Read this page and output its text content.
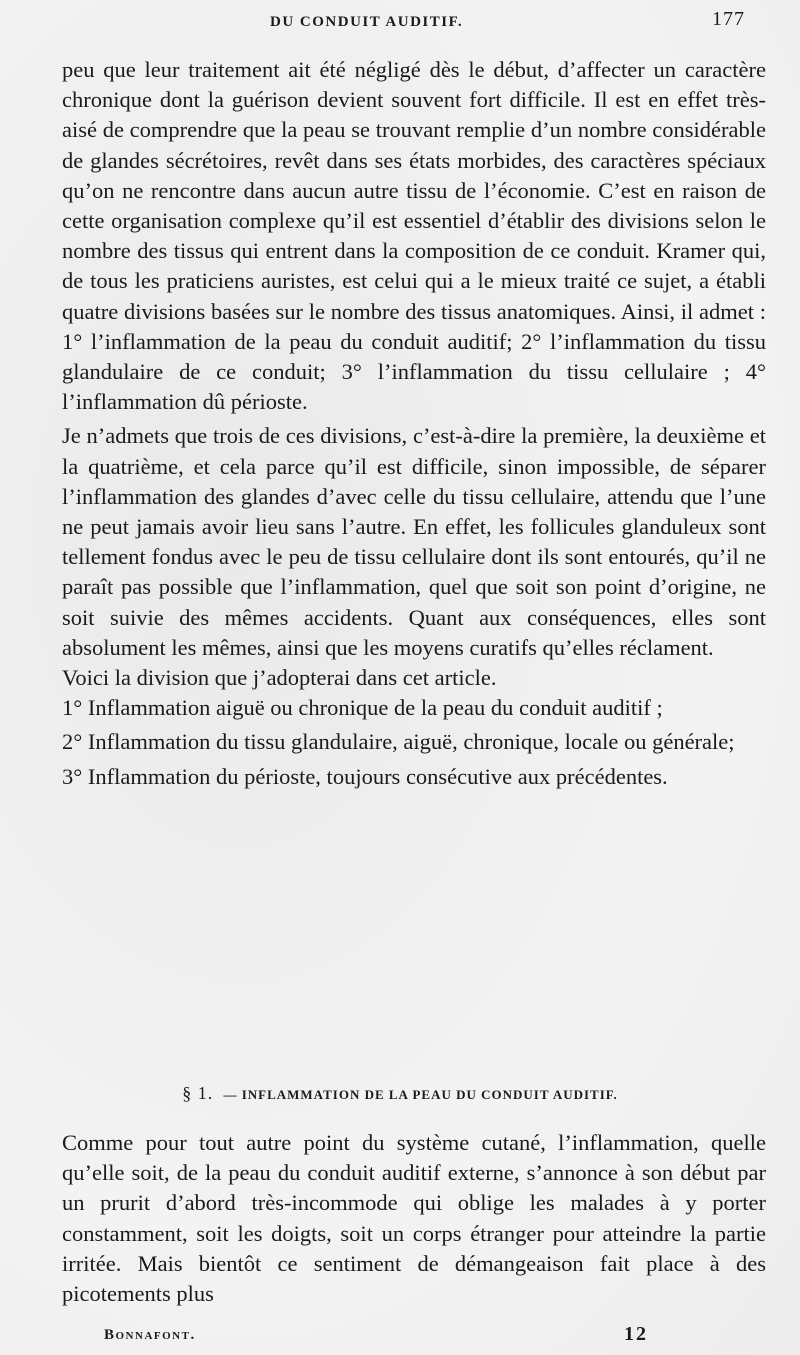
DU CONDUIT AUDITIF.	177

peu que leur traitement ait été négligé dès le début, d’affecter un caractère chronique dont la guérison devient souvent fort difficile. Il est en effet très-aisé de comprendre que la peau se trouvant remplie d’un nombre considérable de glandes sécrétoires, revêt dans ses états morbides, des caractères spéciaux qu’on ne rencontre dans aucun autre tissu de l’économie. C’est en raison de cette organisation complexe qu’il est essentiel d’établir des divisions selon le nombre des tissus qui entrent dans la composition de ce conduit. Kramer qui, de tous les praticiens auristes, est celui qui a le mieux traité ce sujet, a établi quatre divisions basées sur le nombre des tissus anatomiques. Ainsi, il admet : 1° l’inflammation de la peau du conduit auditif; 2° l’inflammation du tissu glandulaire de ce conduit; 3° l’inflammation du tissu cellulaire ; 4° l’inflammation dû périoste.

Je n’admets que trois de ces divisions, c’est-à-dire la première, la deuxième et la quatrième, et cela parce qu’il est difficile, sinon impossible, de séparer l’inflammation des glandes d’avec celle du tissu cellulaire, attendu que l’une ne peut jamais avoir lieu sans l’autre. En effet, les follicules glanduleux sont tellement fondus avec le peu de tissu cellulaire dont ils sont entourés, qu’il ne paraît pas possible que l’inflammation, quel que soit son point d’origine, ne soit suivie des mêmes accidents. Quant aux conséquences, elles sont absolument les mêmes, ainsi que les moyens curatifs qu’elles réclament.

Voici la division que j’adopterai dans cet article.

1° Inflammation aiguë ou chronique de la peau du conduit auditif ;

2° Inflammation du tissu glandulaire, aiguë, chronique, locale ou générale;

3° Inflammation du périoste, toujours consécutive aux précédentes.

§ 1. — INFLAMMATION DE LA PEAU DU CONDUIT AUDITIF.

Comme pour tout autre point du système cutané, l’inflammation, quelle qu’elle soit, de la peau du conduit auditif externe, s’annonce à son début par un prurit d’abord très-incommode qui oblige les malades à y porter constamment, soit les doigts, soit un corps étranger pour atteindre la partie irritée. Mais bientôt ce sentiment de démangeaison fait place à des picotements plus

Bonnafont.	12
